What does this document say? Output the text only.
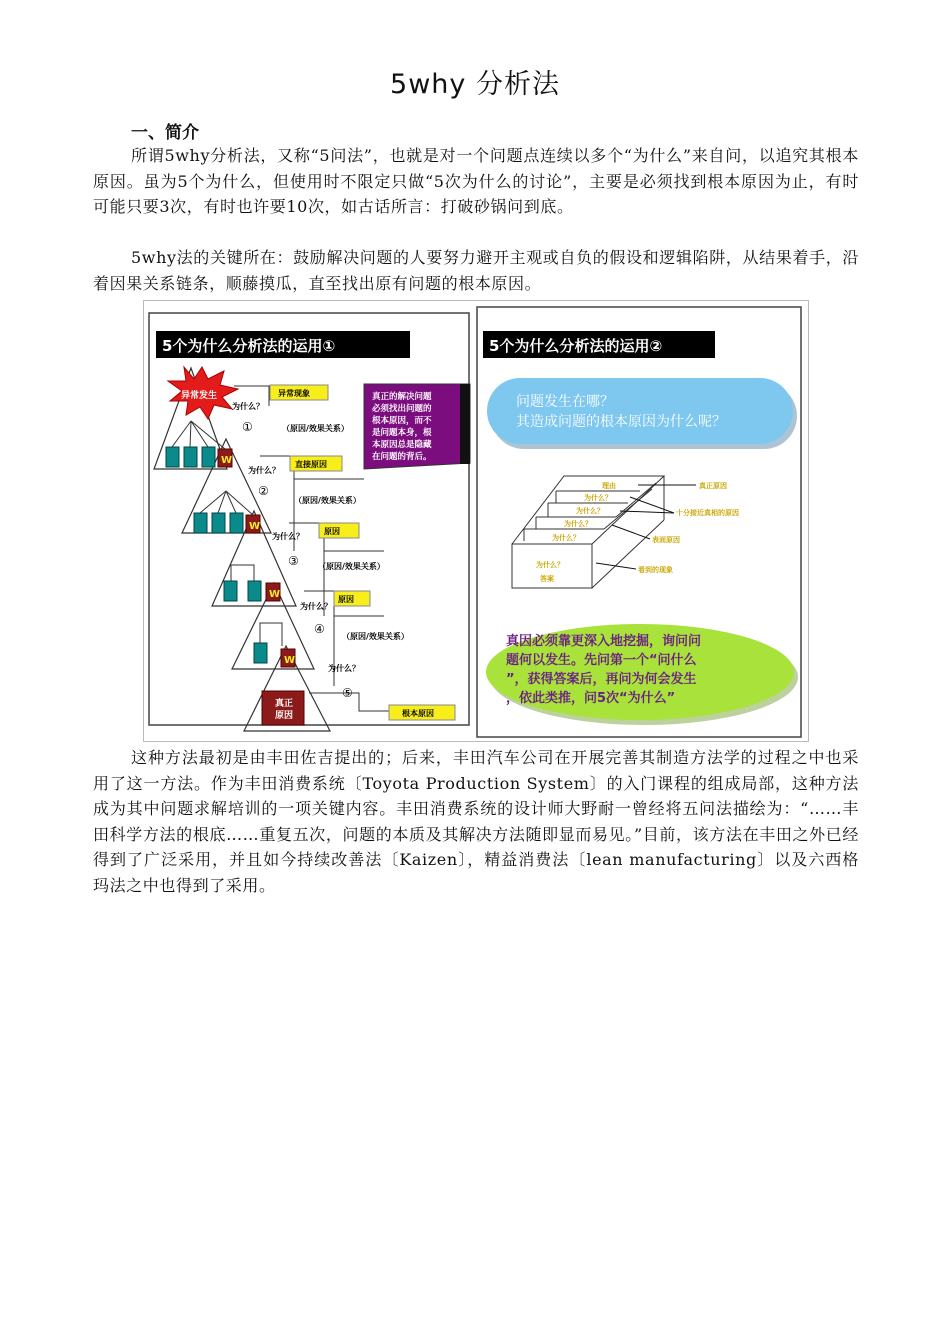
5why 分析法
一、简介
所谓5why分析法，又称“5问法”，也就是对一个问题点连续以多个“为什么”来自问，以追究其根本原因。虽为5个为什么，但使用时不限定只做“5次为什么的讨论”，主要是必须找到根本原因为止，有时可能只要3次，有时也许要10次，如古话所言：打破砂锅问到底。
5why法的关键所在：鼓励解决问题的人要努力避开主观或自负的假设和逻辑陷阱，从结果着手，沿着因果关系链条，顺藤摸瓜，直至找出原有问题的根本原因。
5个为什么分析法的运用①
异常发生
W
W
W
W
真正
原因
异常现象
直接原因
原因
原因
根本原因
为什么？
为什么？
为什么？
为什么？
为什么？
①
②
③
④
⑤
（原因/效果关系）
（原因/效果关系）
（原因/效果关系）
（原因/效果关系）
真正的解决问题
必须找出问题的
根本原因，而不
是问题本身，根
本原因总是隐藏
在问题的背后。
5个为什么分析法的运用②
问题发生在哪？
其造成问题的根本原因为什么呢？
理由
为什么？
为什么？
为什么？
为什么？
为什么？
答案
真正原因
十分接近真相的原因
表面原因
看到的现象
真因必须靠更深入地挖掘，询问问
题何以发生。先问第一个“问什么
”，获得答案后，再问为何会发生
，依此类推，问5次“为什么”
这种方法最初是由丰田佐吉提出的；后来，丰田汽车公司在开展完善其制造方法学的过程之中也采用了这一方法。作为丰田消费系统〔Toyota Production System〕的入门课程的组成局部，这种方法成为其中问题求解培训的一项关键内容。丰田消费系统的设计师大野耐一曾经将五问法描绘为：“……丰田科学方法的根底……重复五次，问题的本质及其解决方法随即显而易见。”目前，该方法在丰田之外已经得到了广泛采用，并且如今持续改善法〔Kaizen〕，精益消费法〔lean manufacturing〕以及六西格玛法之中也得到了采用。
